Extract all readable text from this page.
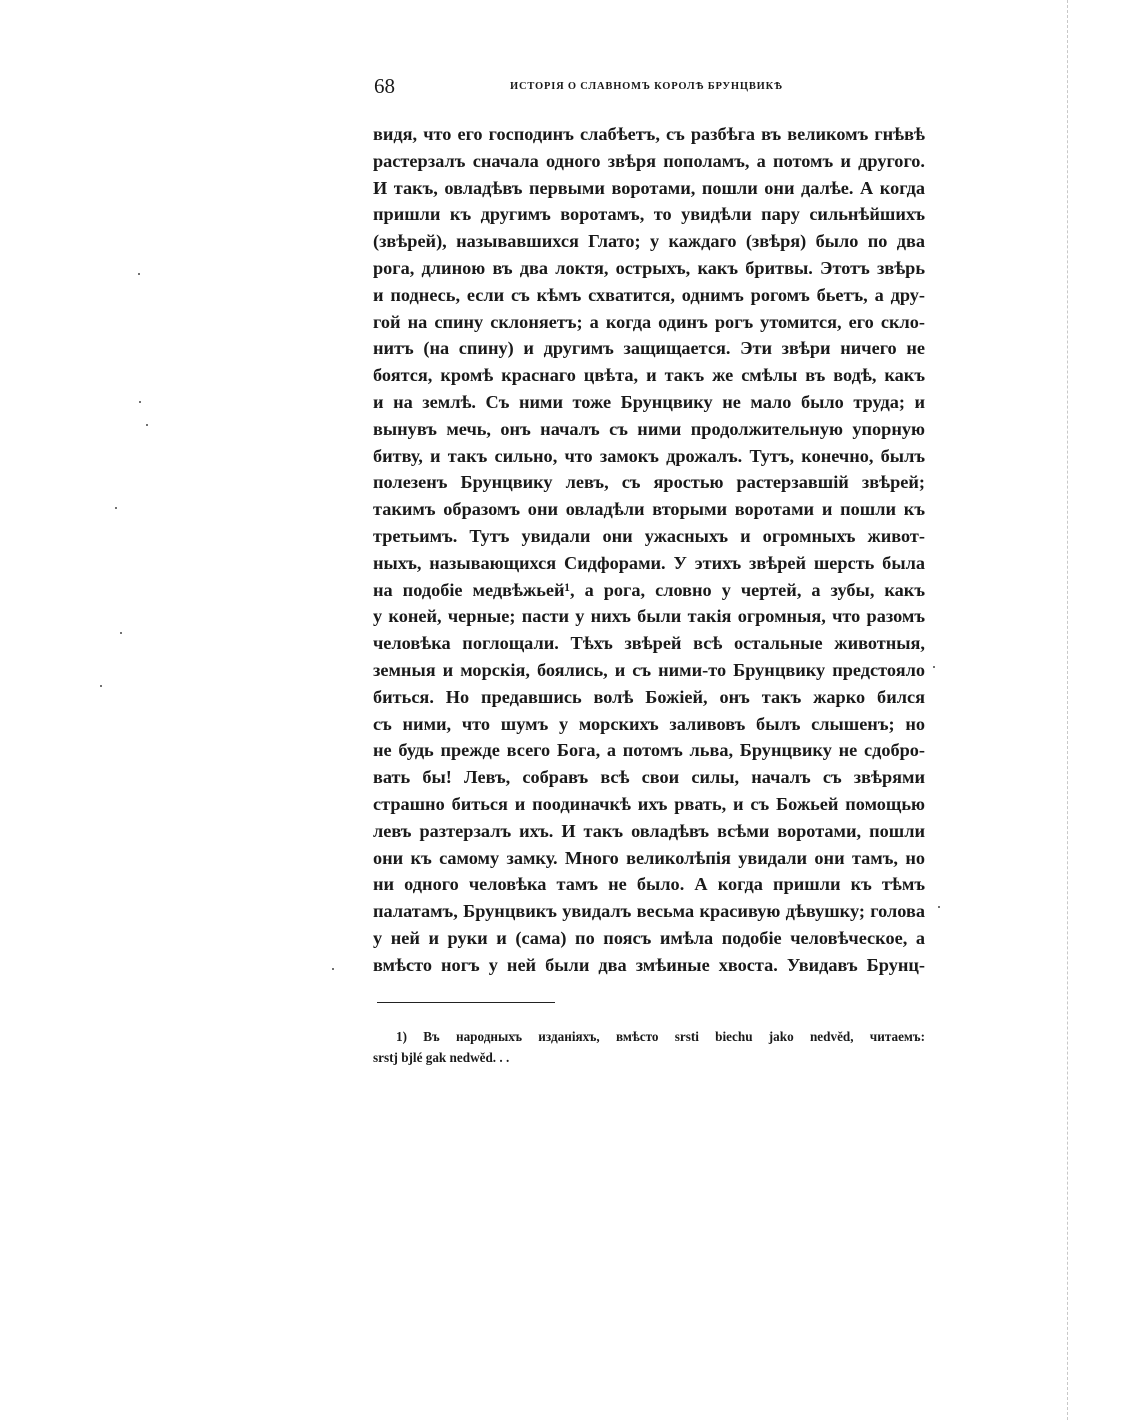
68	ИСТОРІЯ О СЛАВНОМЪ КОРОЛѢ БРУНЦВИКѢ
видя, что его господинъ слабѣетъ, съ разбѣга въ великомъ гнѣвѣ
растерзалъ сначала одного звѣря пополамъ, а потомъ и другого.
И такъ, овладѣвъ первыми воротами, пошли они далѣе. А когда
пришли къ другимъ воротамъ, то увидѣли пару сильнѣйшихъ
(звѣрей), называвшихся Глато; у каждаго (звѣря) было по два
рога, длиною въ два локтя, острыхъ, какъ бритвы. Этотъ звѣрь
и поднесь, если съ кѣмъ схватится, однимъ рогомъ бьетъ, а дру-
гой на спину склоняетъ; а когда одинъ рогъ утомится, его скло-
нитъ (на спину) и другимъ защищается. Эти звѣри ничего не
боятся, кромѣ краснаго цвѣта, и такъ же смѣлы въ водѣ, какъ
и на землѣ. Съ ними тоже Брунцвику не мало было труда; и
вынувъ мечь, онъ началъ съ ними продолжительную упорную
битву, и такъ сильно, что замокъ дрожалъ. Тутъ, конечно, былъ
полезенъ Брунцвику левъ, съ яростью растерзавшій звѣрей;
такимъ образомъ они овладѣли вторыми воротами и пошли къ
третьимъ. Тутъ увидали они ужасныхъ и огромныхъ живот-
ныхъ, называющихся Сидфорами. У этихъ звѣрей шерсть была
на подобіе медвѣжьей¹, а рога, словно у чертей, а зубы, какъ
у коней, черные; пасти у нихъ были такія огромныя, что разомъ
человѣка поглощали. Тѣхъ звѣрей всѣ остальные животныя,
земныя и морскія, боялись, и съ ними-то Брунцвику предстояло
биться. Но предавшись волѣ Божіей, онъ такъ жарко бился
съ ними, что шумъ у морскихъ заливовъ былъ слышенъ; но
не будь прежде всего Бога, а потомъ льва, Брунцвику не сдобро-
вать бы! Левъ, собравъ всѣ свои силы, началъ съ звѣрями
страшно биться и поодиначкѣ ихъ рвать, и съ Божьей помощью
левъ разтерзалъ ихъ. И такъ овладѣвъ всѣми воротами, пошли
они къ самому замку. Много великолѣпія увидали они тамъ, но
ни одного человѣка тамъ не было. А когда пришли къ тѣмъ
палатамъ, Брунцвикъ увидалъ весьма красивую дѣвушку; голова
у ней и руки и (сама) по поясъ имѣла подобіе человѣческое, а
вмѣсто ногъ у ней были два змѣиные хвоста. Увидавъ Брунц-
1) Въ народныхъ изданіяхъ, вмѣсто srsti biechu jako nedvěd, читаемъ:
srstj bjlé gak nedwěd. . .
